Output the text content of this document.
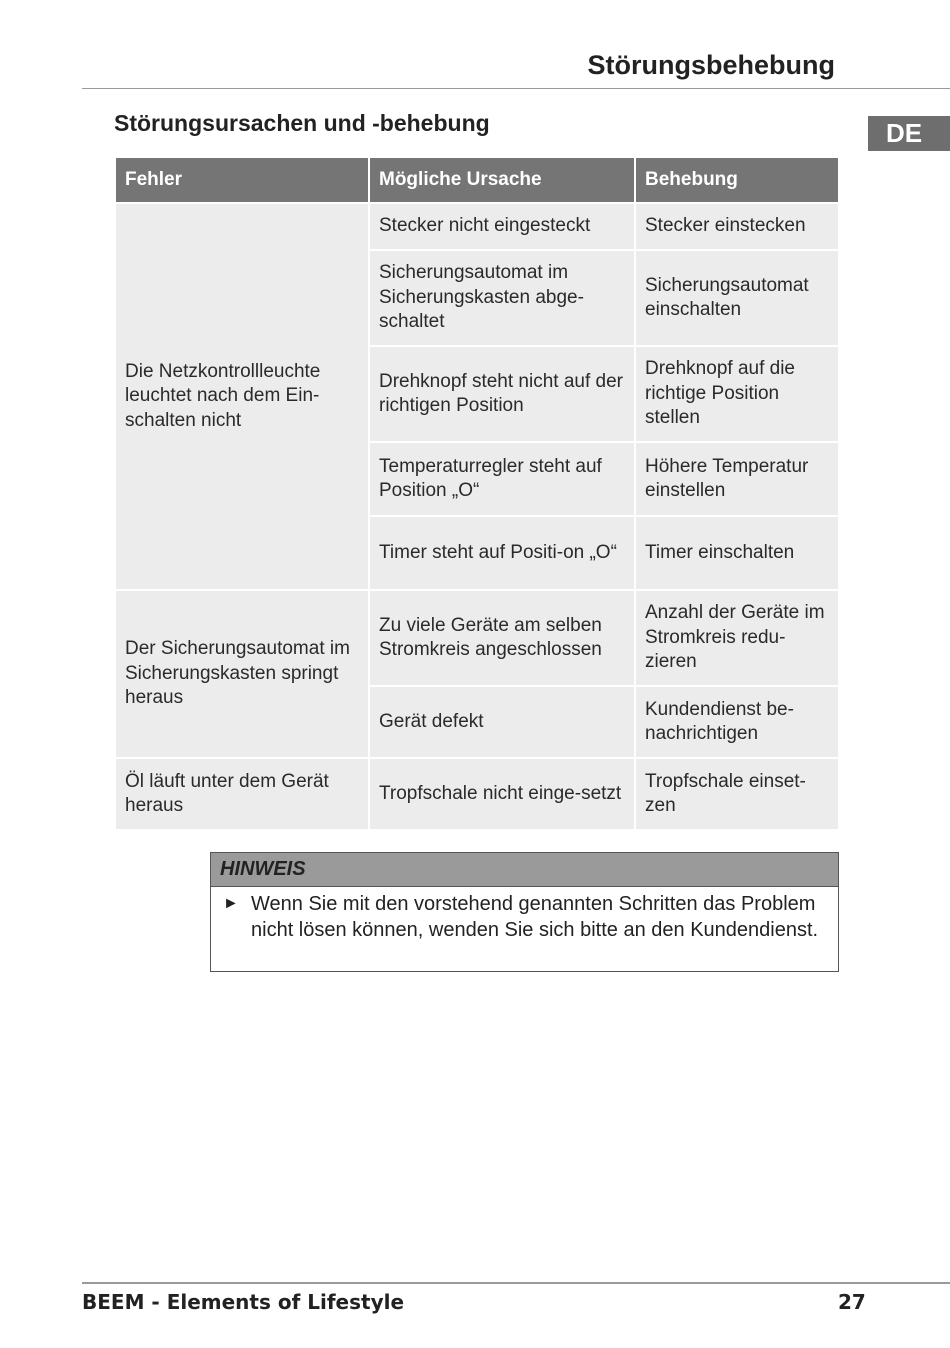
Störungsbehebung
DE
Störungsursachen und -behebung
Fehler	Mögliche Ursache	Behebung
Die Netzkontrollleuchte leuchtet nach dem Ein-schalten nicht	Stecker nicht eingesteckt	Stecker einstecken
	Sicherungsautomat im Sicherungskasten abge-schaltet	Sicherungsautomat einschalten
	Drehknopf steht nicht auf der richtigen Position	Drehknopf auf die richtige Position stellen
	Temperaturregler steht auf Position „O“	Höhere Temperatur einstellen
	Timer steht auf Positi-on „O“	Timer einschalten
Der Sicherungsautomat im Sicherungskasten springt heraus	Zu viele Geräte am selben Stromkreis angeschlossen	Anzahl der Geräte im Stromkreis redu-zieren
	Gerät defekt	Kundendienst be-nachrichtigen
Öl läuft unter dem Gerät heraus	Tropfschale nicht einge-setzt	Tropfschale einset-zen
HINWEIS
► Wenn Sie mit den vorstehend genannten Schritten das Problem nicht lösen können, wenden Sie sich bitte an den Kundendienst.
BEEM - Elements of Lifestyle	27
